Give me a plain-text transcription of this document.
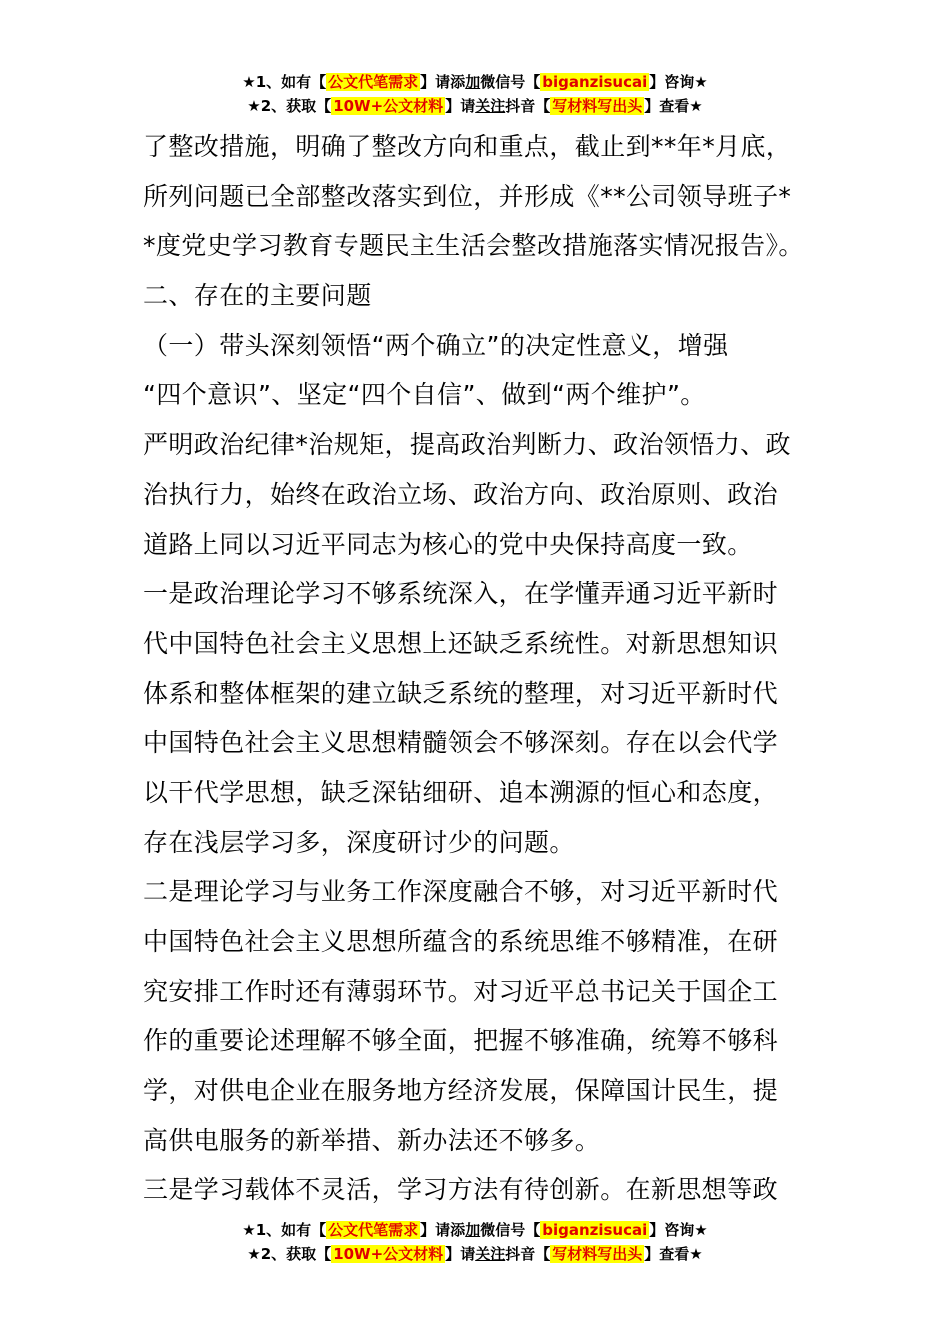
★1、如有【 公文代笔需求 】请添加微信号【 biganzisucai 】咨询★
★2、获取【 10W+公文材料 】请关注抖音【 写材料写出头 】查看★
了整改措施，明确了整改方向和重点，截止到**年*月底，
所列问题已全部整改落实到位，并形成《**公司领导班子*
*度党史学习教育专题民主生活会整改措施落实情况报告》。
二、存在的主要问题
（一）带头深刻领悟“两个确立”的决定性意义，增强
“四个意识”、坚定“四个自信”、做到“两个维护”。
严明政治纪律*治规矩，提高政治判断力、政治领悟力、政
治执行力，始终在政治立场、政治方向、政治原则、政治
道路上同以习近平同志为核心的党中央保持高度一致。
一是政治理论学习不够系统深入，在学懂弄通习近平新时
代中国特色社会主义思想上还缺乏系统性。对新思想知识
体系和整体框架的建立缺乏系统的整理，对习近平新时代
中国特色社会主义思想精髓领会不够深刻。存在以会代学
以干代学思想，缺乏深钻细研、追本溯源的恒心和态度，
存在浅层学习多，深度研讨少的问题。
二是理论学习与业务工作深度融合不够，对习近平新时代
中国特色社会主义思想所蕴含的系统思维不够精准，在研
究安排工作时还有薄弱环节。对习近平总书记关于国企工
作的重要论述理解不够全面，把握不够准确，统筹不够科
学，对供电企业在服务地方经济发展，保障国计民生，提
高供电服务的新举措、新办法还不够多。
三是学习载体不灵活，学习方法有待创新。在新思想等政
★1、如有【 公文代笔需求 】请添加微信号【 biganzisucai 】咨询★
★2、获取【 10W+公文材料 】请关注抖音【 写材料写出头 】查看★
